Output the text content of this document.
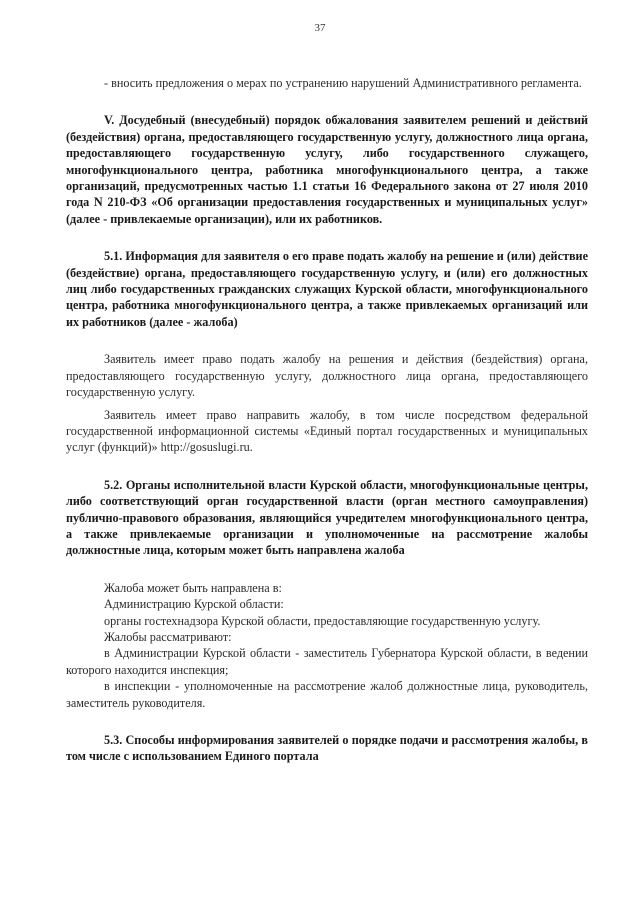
37

- вносить предложения о мерах по устранению нарушений Административного регламента.

V. Досудебный (внесудебный) порядок обжалования заявителем решений и действий (бездействия) органа, предоставляющего государственную услугу, должностного лица органа, предоставляющего государственную услугу, либо государственного служащего, многофункционального центра, работника многофункционального центра, а также организаций, предусмотренных частью 1.1 статьи 16 Федерального закона от 27 июля 2010 года N 210-ФЗ «Об организации предоставления государственных и муниципальных услуг» (далее - привлекаемые организации), или их работников.

5.1. Информация для заявителя о его праве подать жалобу на решение и (или) действие (бездействие) органа, предоставляющего государственную услугу, и (или) его должностных лиц либо государственных гражданских служащих Курской области, многофункционального центра, работника многофункционального центра, а также привлекаемых организаций или их работников (далее - жалоба)

Заявитель имеет право подать жалобу на решения и действия (бездействия) органа, предоставляющего государственную услугу, должностного лица органа, предоставляющего государственную услугу.

Заявитель имеет право направить жалобу, в том числе посредством федеральной государственной информационной системы «Единый портал государственных и муниципальных услуг (функций)» http://gosuslugi.ru.

5.2. Органы исполнительной власти Курской области, многофункциональные центры, либо соответствующий орган государственной власти (орган местного самоуправления) публично-правового образования, являющийся учредителем многофункционального центра, а также привлекаемые организации и уполномоченные на рассмотрение жалобы должностные лица, которым может быть направлена жалоба

Жалоба может быть направлена в:
Администрацию Курской области:
органы гостехнадзора Курской области, предоставляющие государственную услугу.
Жалобы рассматривают:
в Администрации Курской области - заместитель Губернатора Курской области, в ведении которого находится инспекция;
в инспекции - уполномоченные на рассмотрение жалоб должностные лица, руководитель, заместитель руководителя.

5.3. Способы информирования заявителей о порядке подачи и рассмотрения жалобы, в том числе с использованием Единого портала
